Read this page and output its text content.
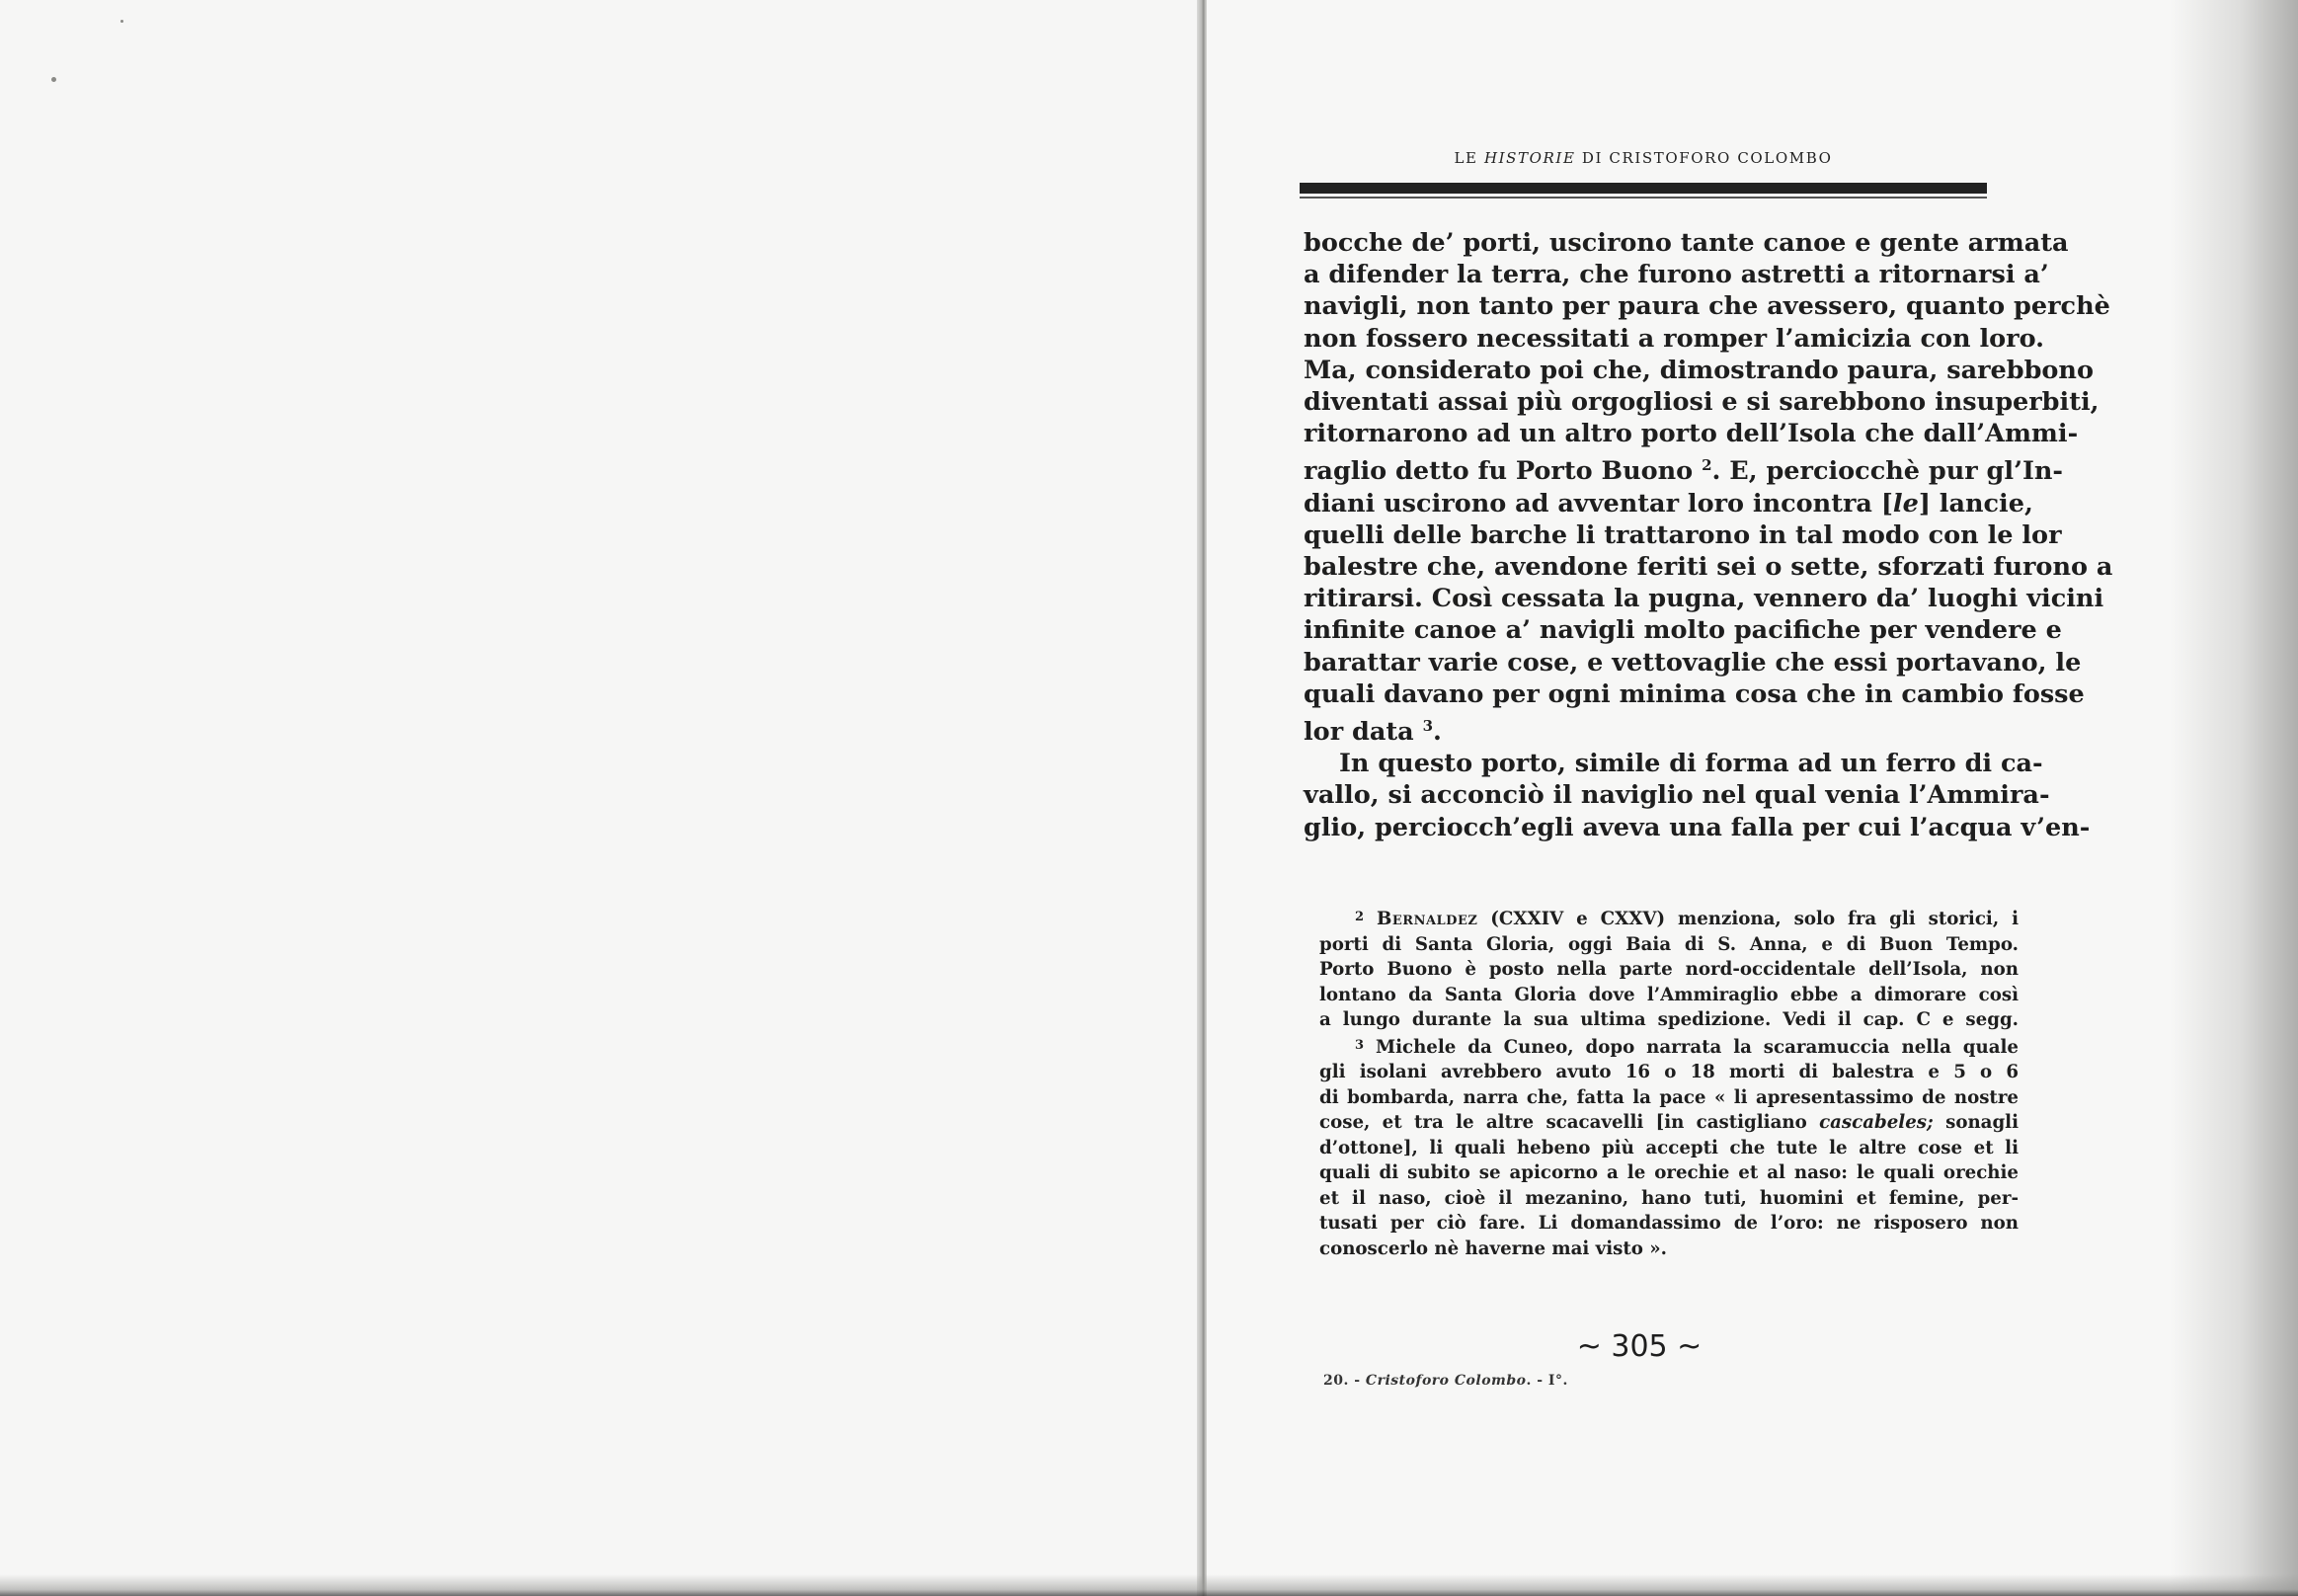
LE HISTORIE DI CRISTOFORO COLOMBO
bocche de’ porti, uscirono tante canoe e gente armata
a difender la terra, che furono astretti a ritornarsi a’
navigli, non tanto per paura che avessero, quanto perchè
non fossero necessitati a romper l’amicizia con loro.
Ma, considerato poi che, dimostrando paura, sarebbono
diventati assai più orgogliosi e si sarebbono insuperbiti,
ritornarono ad un altro porto dell’Isola che dall’Ammi-
raglio detto fu Porto Buono $^2$. E, perciocchè pur gl’In-
diani uscirono ad avventar loro incontra [le] lancie,
quelli delle barche li trattarono in tal modo con le lor
balestre che, avendone feriti sei o sette, sforzati furono a
ritirarsi. Così cessata la pugna, vennero da’ luoghi vicini
infinite canoe a’ navigli molto pacifiche per vendere e
barattar varie cose, e vettovaglie che essi portavano, le
quali davano per ogni minima cosa che in cambio fosse
lor data $^3$.
In questo porto, simile di forma ad un ferro di ca-
vallo, si acconciò il naviglio nel qual venia l’Ammira-
glio, perciocch’egli aveva una falla per cui l’acqua v’en-
$^2$ Bernaldez (CXXIV e CXXV) menziona, solo fra gli storici, i
porti di Santa Gloria, oggi Baia di S. Anna, e di Buon Tempo.
Porto Buono è posto nella parte nord-occidentale dell’Isola, non
lontano da Santa Gloria dove l’Ammiraglio ebbe a dimorare così
a lungo durante la sua ultima spedizione. Vedi il cap. C e segg.
$^3$ Michele da Cuneo, dopo narrata la scaramuccia nella quale
gli isolani avrebbero avuto 16 o 18 morti di balestra e 5 o 6
di bombarda, narra che, fatta la pace « li apresentassimo de nostre
cose, et tra le altre scacavelli [in castigliano cascabeles; sonagli
d’ottone], li quali hebeno più accepti che tute le altre cose et li
quali di subito se apicorno a le orechie et al naso: le quali orechie
et il naso, cioè il mezanino, hano tuti, huomini et femine, per-
tusati per ciò fare. Li domandassimo de l’oro: ne risposero non
conoscerlo nè haverne mai visto ».
~ 305 ~
20. - Cristoforo Colombo. - I°.
